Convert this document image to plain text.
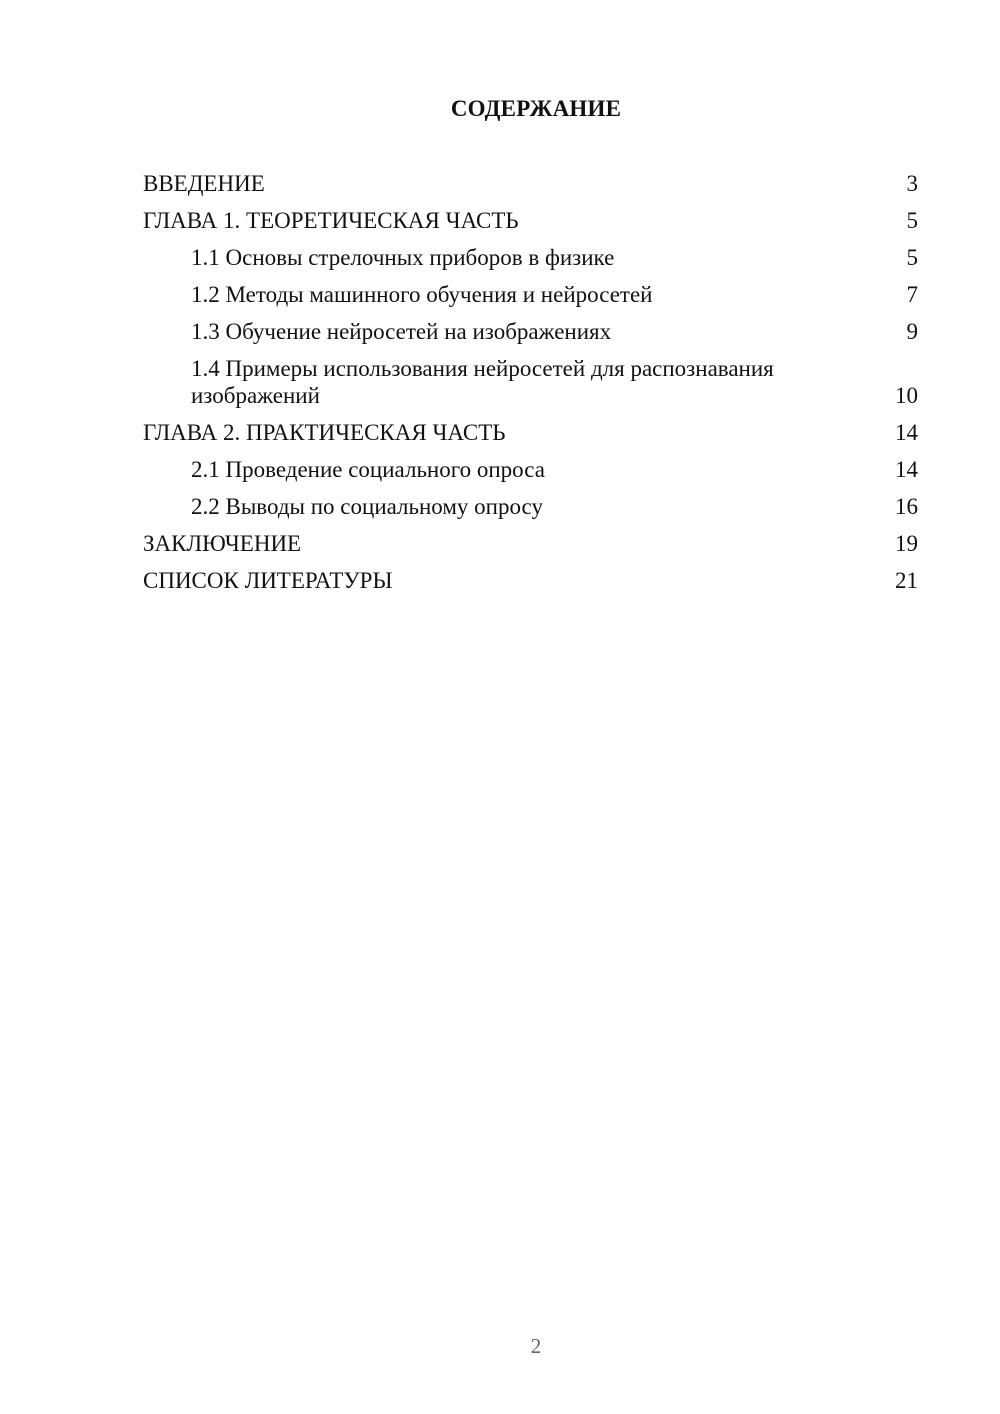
СОДЕРЖАНИЕ
ВВЕДЕНИЕ	3
ГЛАВА 1. ТЕОРЕТИЧЕСКАЯ ЧАСТЬ	5
1.1 Основы стрелочных приборов в физике	5
1.2 Методы машинного обучения и нейросетей	7
1.3 Обучение нейросетей на изображениях	9
1.4 Примеры использования нейросетей для распознавания изображений	10
ГЛАВА 2. ПРАКТИЧЕСКАЯ ЧАСТЬ	14
2.1 Проведение социального опроса	14
2.2 Выводы по социальному опросу	16
ЗАКЛЮЧЕНИЕ	19
СПИСОК ЛИТЕРАТУРЫ	21
2
